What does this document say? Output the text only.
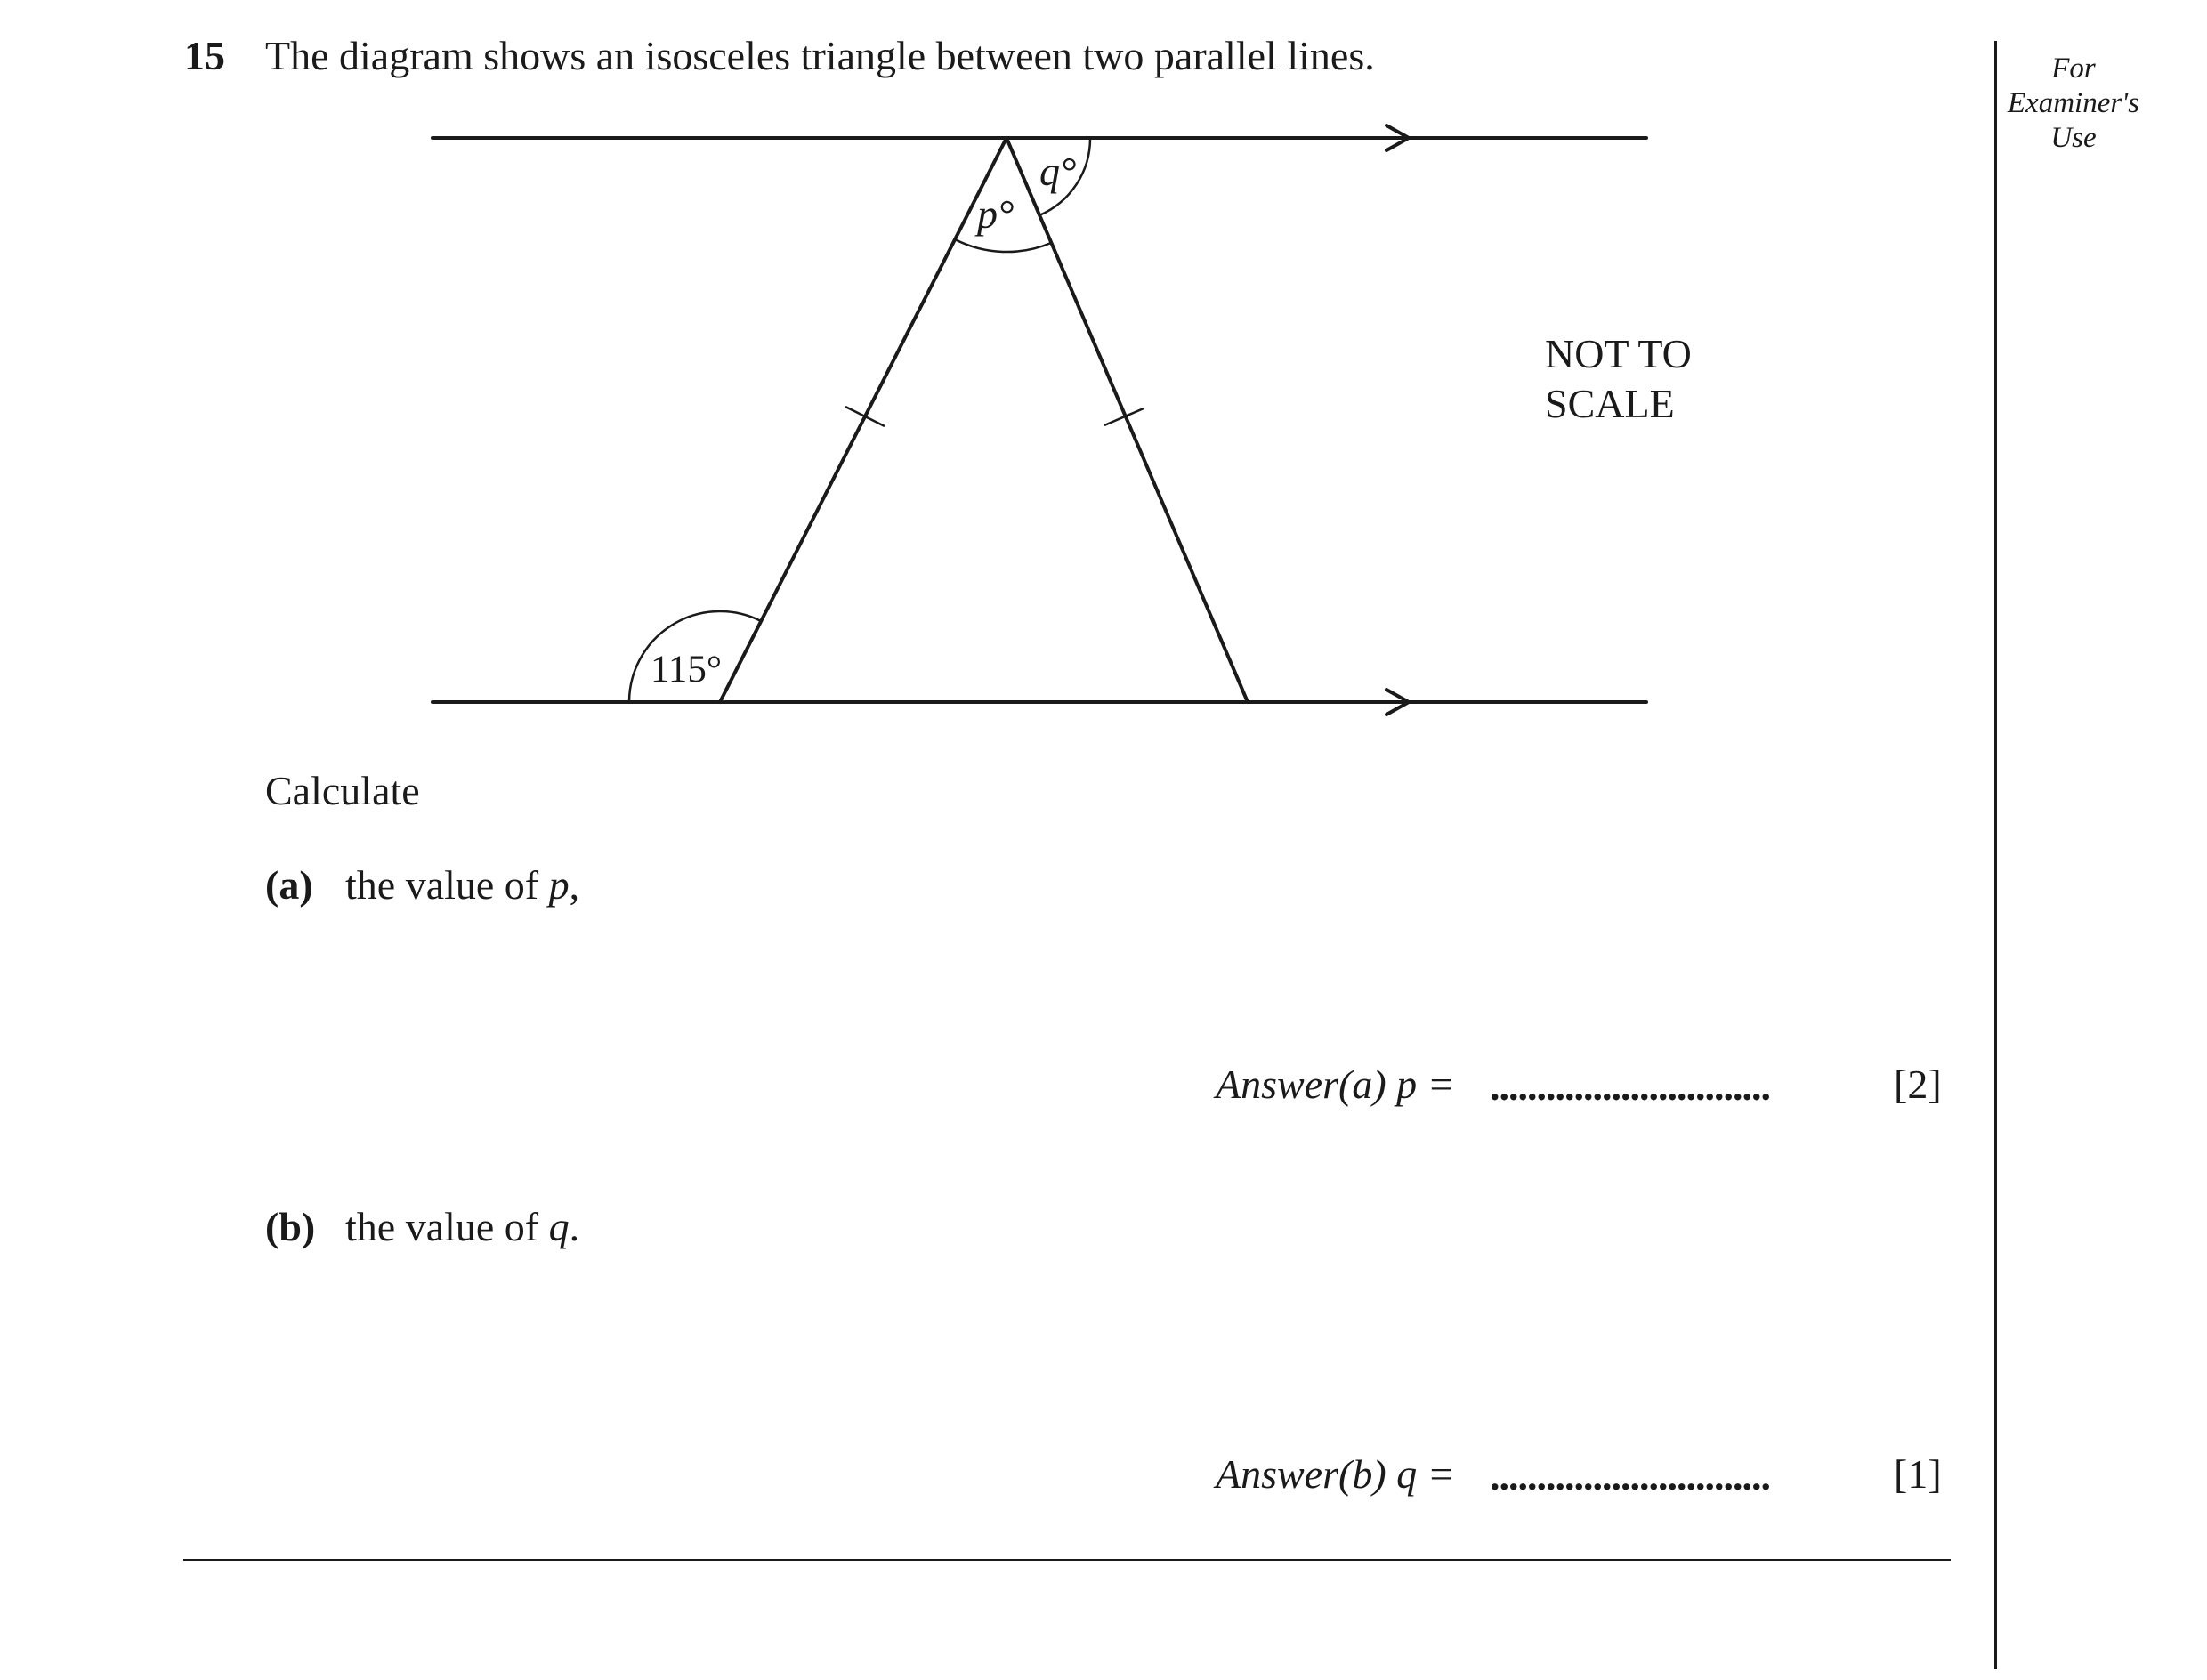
15 The diagram shows an isosceles triangle between two parallel lines.	For
Examiner's
Use
p°
q°
115°
NOT TO
SCALE
Calculate
(a) the value of p,
Answer(a) p = ..............................	[2]
(b) the value of q.
Answer(b) q = ..............................	[1]
